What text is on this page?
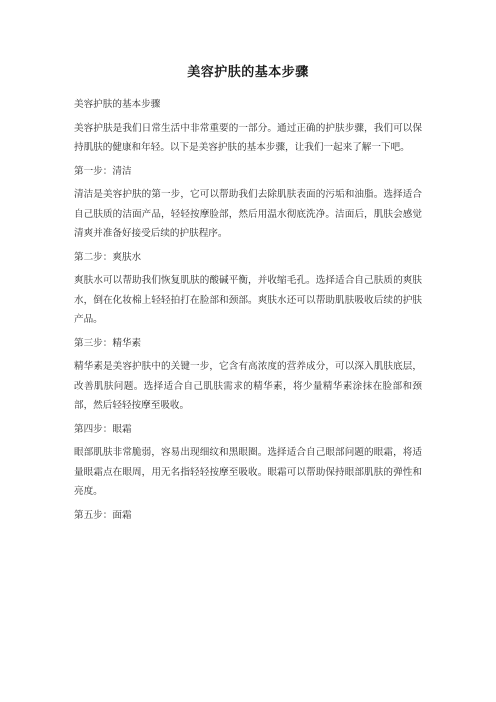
美容护肤的基本步骤
美容护肤的基本步骤
美容护肤是我们日常生活中非常重要的一部分。通过正确的护肤步骤，我们可以保持肌肤的健康和年轻。以下是美容护肤的基本步骤，让我们一起来了解一下吧。
第一步：清洁
清洁是美容护肤的第一步，它可以帮助我们去除肌肤表面的污垢和油脂。选择适合自己肤质的洁面产品，轻轻按摩脸部，然后用温水彻底洗净。洁面后，肌肤会感觉清爽并准备好接受后续的护肤程序。
第二步：爽肤水
爽肤水可以帮助我们恢复肌肤的酸碱平衡，并收缩毛孔。选择适合自己肤质的爽肤水，倒在化妆棉上轻轻拍打在脸部和颈部。爽肤水还可以帮助肌肤吸收后续的护肤产品。
第三步：精华素
精华素是美容护肤中的关键一步，它含有高浓度的营养成分，可以深入肌肤底层，改善肌肤问题。选择适合自己肌肤需求的精华素，将少量精华素涂抹在脸部和颈部，然后轻轻按摩至吸收。
第四步：眼霜
眼部肌肤非常脆弱，容易出现细纹和黑眼圈。选择适合自己眼部问题的眼霜，将适量眼霜点在眼周，用无名指轻轻按摩至吸收。眼霜可以帮助保持眼部肌肤的弹性和亮度。
第五步：面霜
